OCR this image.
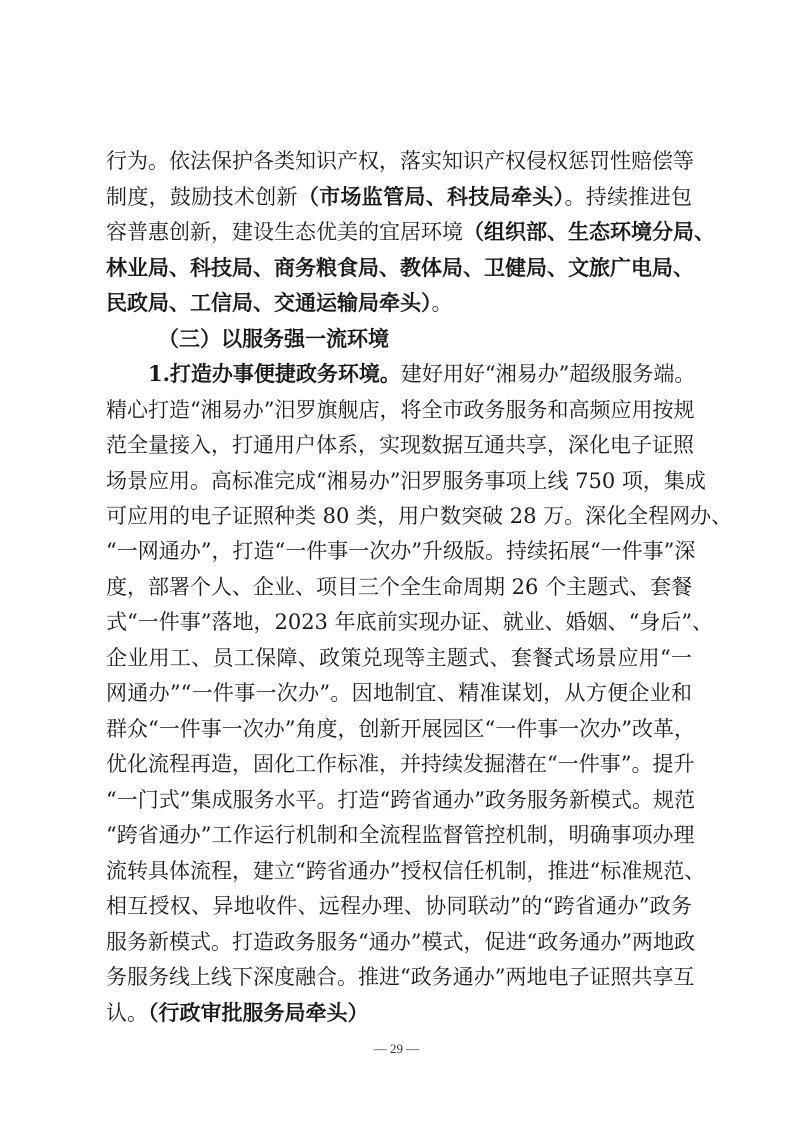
行为。依法保护各类知识产权，落实知识产权侵权惩罚性赔偿等
制度，鼓励技术创新（市场监管局、科技局牵头）。持续推进包
容普惠创新，建设生态优美的宜居环境（组织部、生态环境分局、
林业局、科技局、商务粮食局、教体局、卫健局、文旅广电局、
民政局、工信局、交通运输局牵头）。
（三）以服务强一流环境
1.打造办事便捷政务环境。建好用好“湘易办”超级服务端。
精心打造“湘易办”汨罗旗舰店，将全市政务服务和高频应用按规
范全量接入，打通用户体系，实现数据互通共享，深化电子证照
场景应用。高标准完成“湘易办”汨罗服务事项上线 750 项，集成
可应用的电子证照种类 80 类，用户数突破 28 万。深化全程网办、
“一网通办”，打造“一件事一次办”升级版。持续拓展“一件事”深
度，部署个人、企业、项目三个全生命周期 26 个主题式、套餐
式“一件事”落地，2023 年底前实现办证、就业、婚姻、“身后”、
企业用工、员工保障、政策兑现等主题式、套餐式场景应用“一
网通办”“一件事一次办”。因地制宜、精准谋划，从方便企业和
群众“一件事一次办”角度，创新开展园区“一件事一次办”改革，
优化流程再造，固化工作标准，并持续发掘潜在“一件事”。提升
“一门式”集成服务水平。打造“跨省通办”政务服务新模式。规范
“跨省通办”工作运行机制和全流程监督管控机制，明确事项办理
流转具体流程，建立“跨省通办”授权信任机制，推进“标准规范、
相互授权、异地收件、远程办理、协同联动”的“跨省通办”政务
服务新模式。打造政务服务“通办”模式，促进“政务通办”两地政
务服务线上线下深度融合。推进“政务通办”两地电子证照共享互
认。（行政审批服务局牵头）
— 29 —
